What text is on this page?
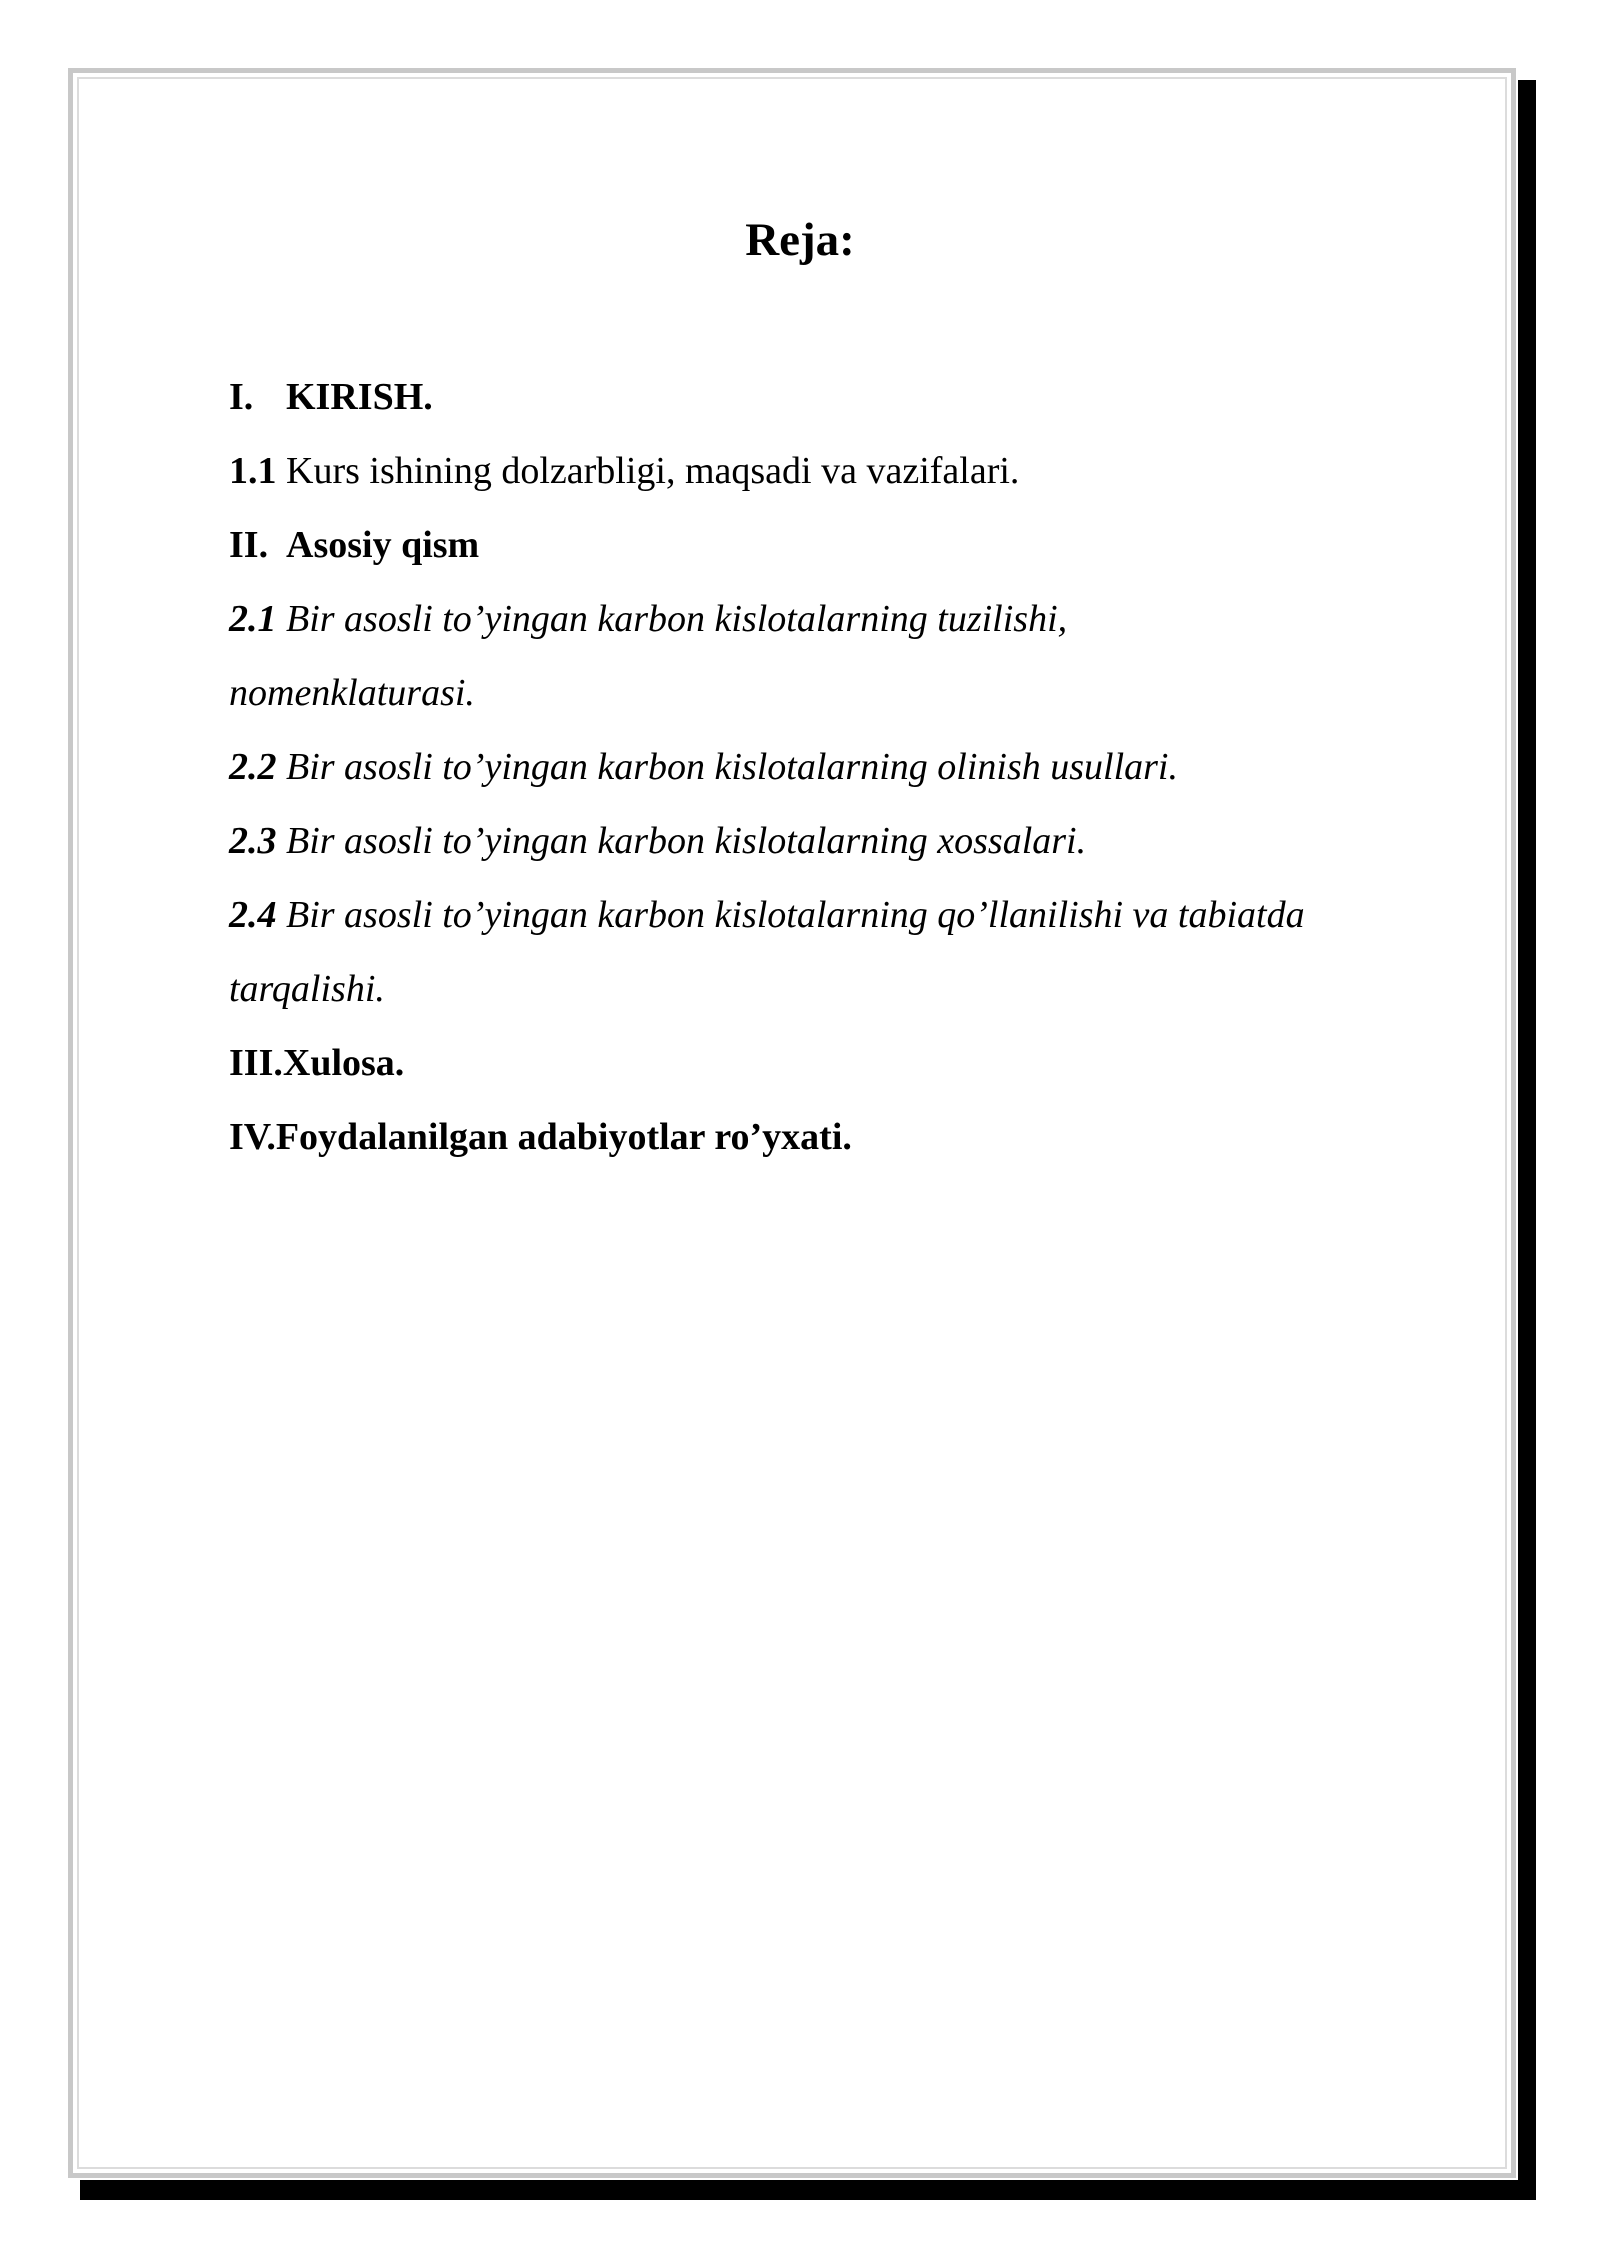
Reja:
I. KIRISH.
1.1 Kurs ishining dolzarbligi, maqsadi va vazifalari.
II. Asosiy qism
2.1 Bir asosli to’yingan karbon kislotalarning tuzilishi,
nomenklaturasi.
2.2 Bir asosli to’yingan karbon kislotalarning olinish usullari.
2.3 Bir asosli to’yingan karbon kislotalarning xossalari.
2.4 Bir asosli to’yingan karbon kislotalarning qo’llanilishi va tabiatda
tarqalishi.
III.Xulosa.
IV.Foydalanilgan adabiyotlar ro’yxati.
